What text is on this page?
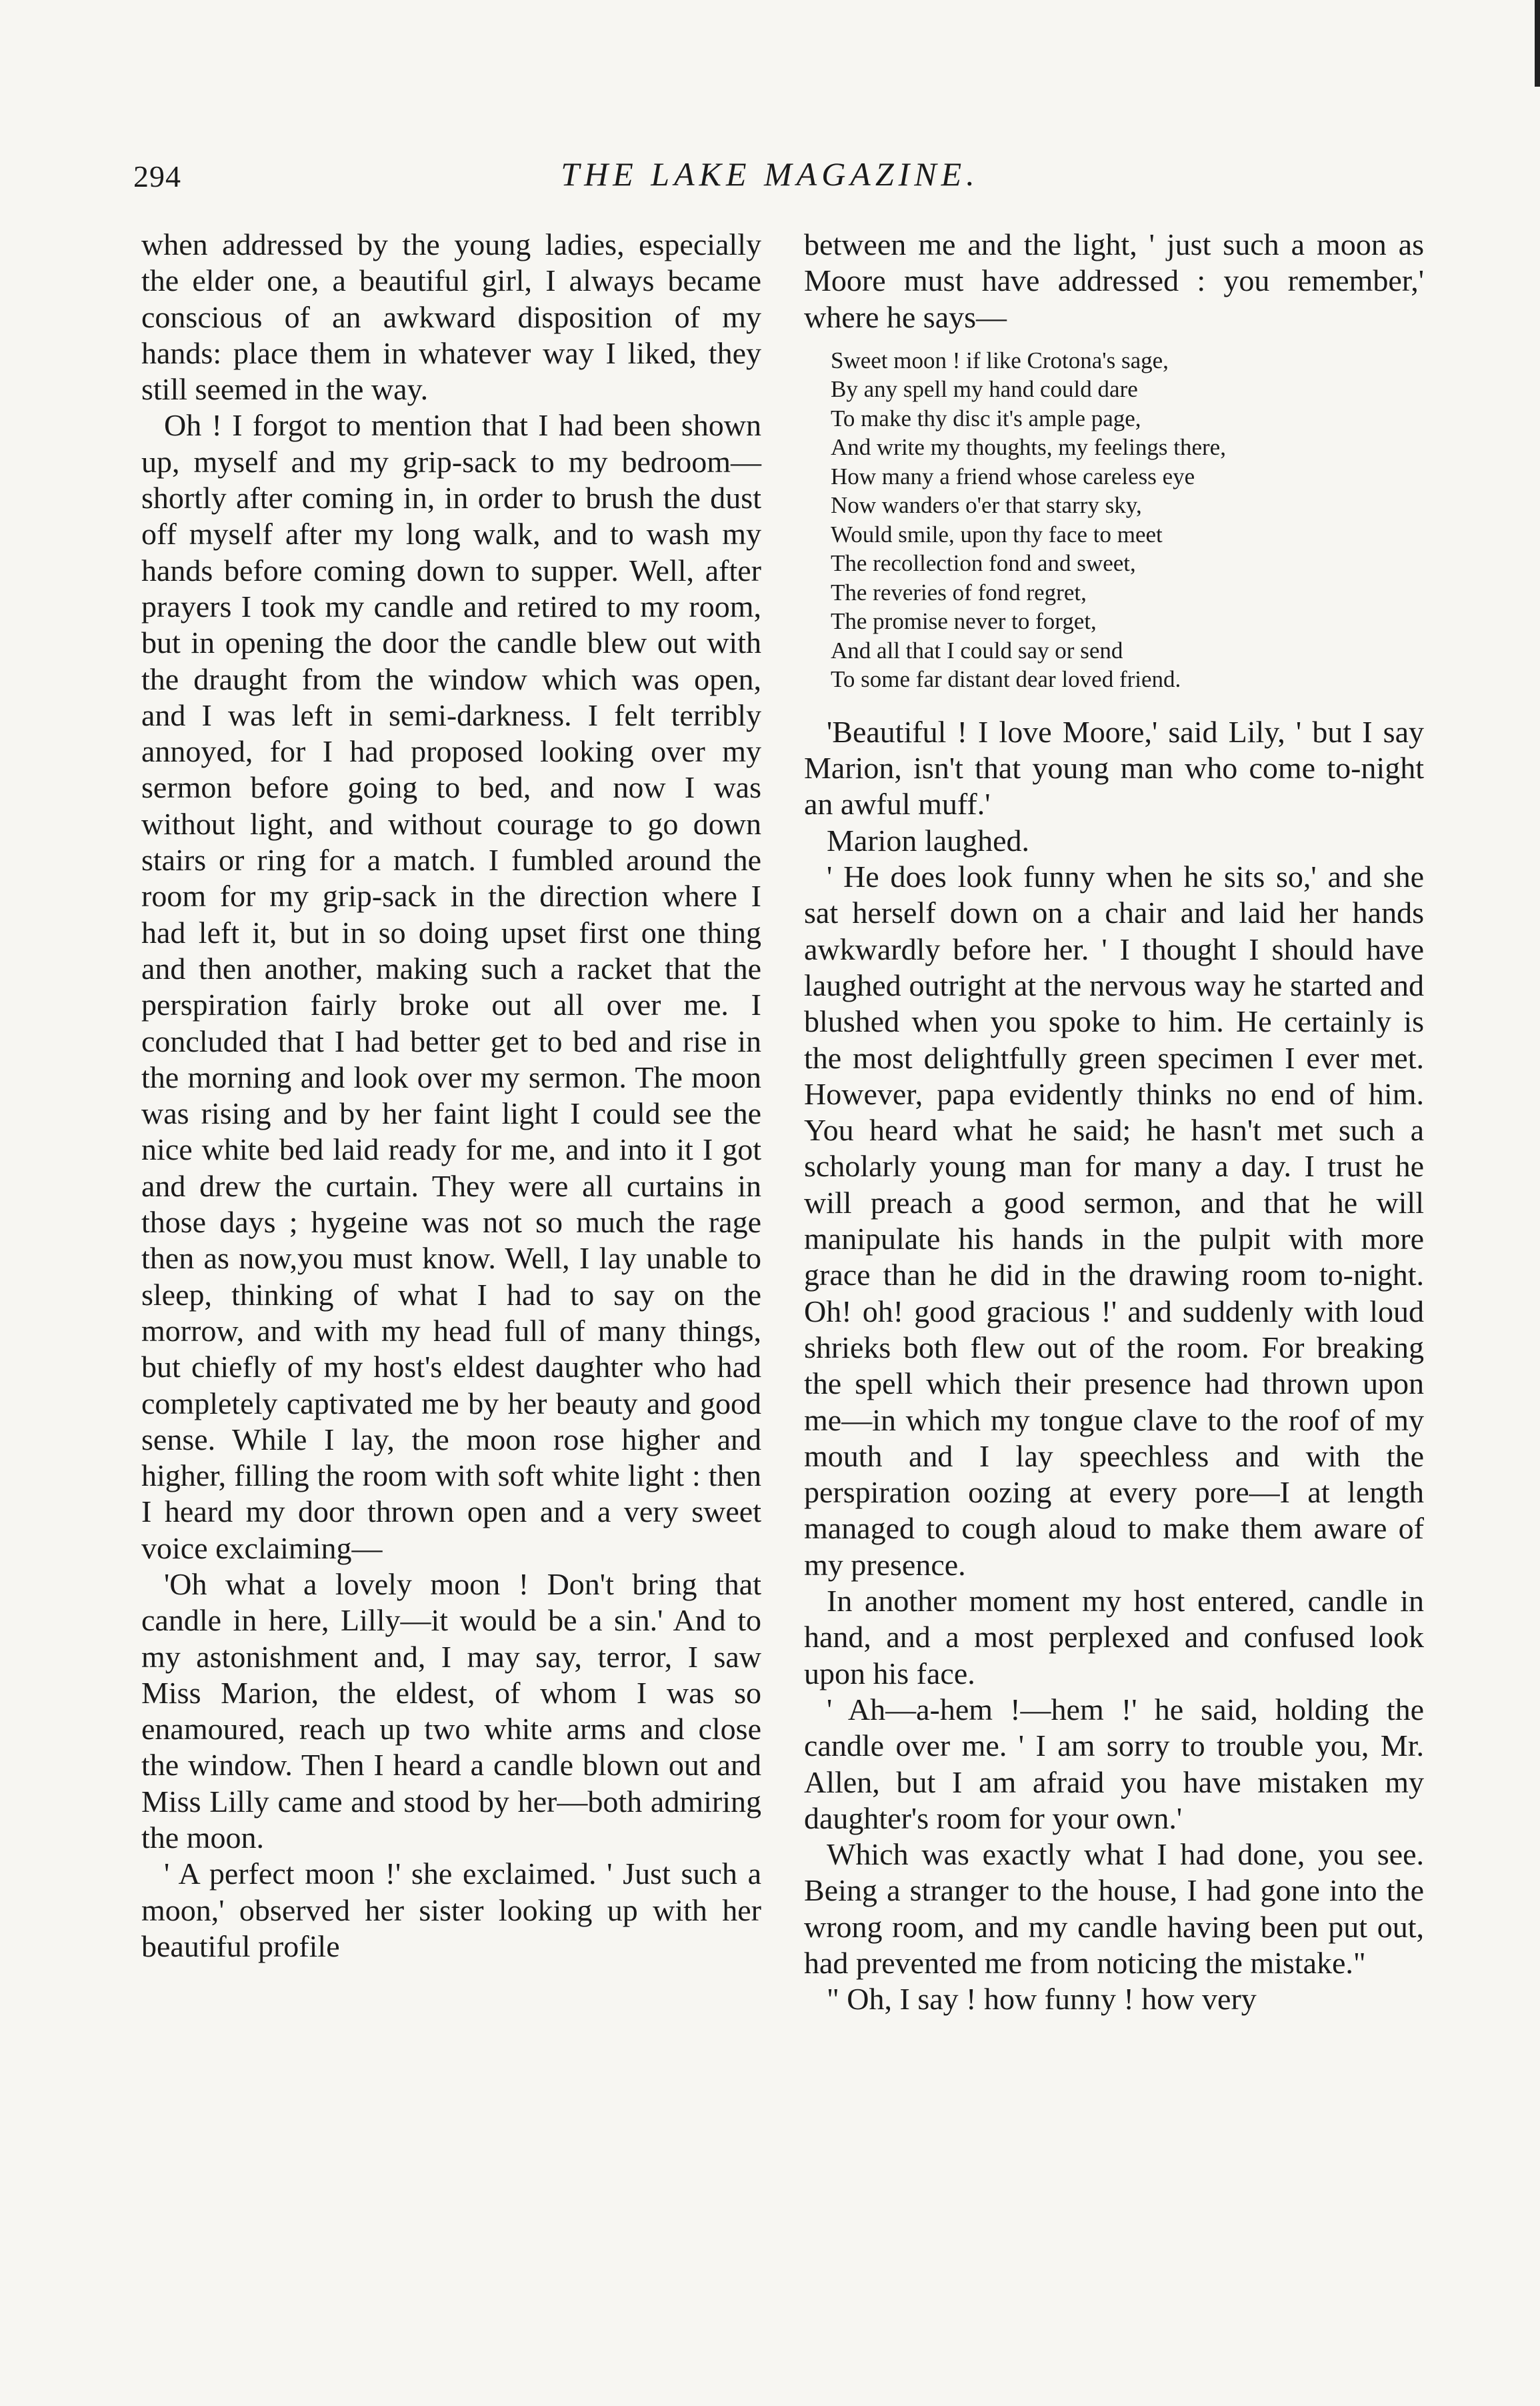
294	THE LAKE MAGAZINE.

when addressed by the young ladies, especially the elder one, a beautiful girl, I always became conscious of an awkward disposition of my hands: place them in whatever way I liked, they still seemed in the way.

Oh ! I forgot to mention that I had been shown up, myself and my grip-sack to my bedroom—shortly after coming in, in order to brush the dust off myself after my long walk, and to wash my hands before coming down to supper. Well, after prayers I took my candle and retired to my room, but in opening the door the candle blew out with the draught from the window which was open, and I was left in semi-darkness. I felt terribly annoyed, for I had proposed looking over my sermon before going to bed, and now I was without light, and without courage to go down stairs or ring for a match. I fumbled around the room for my grip-sack in the direction where I had left it, but in so doing upset first one thing and then another, making such a racket that the perspiration fairly broke out all over me. I concluded that I had better get to bed and rise in the morning and look over my sermon. The moon was rising and by her faint light I could see the nice white bed laid ready for me, and into it I got and drew the curtain. They were all curtains in those days ; hygeine was not so much the rage then as now,you must know. Well, I lay unable to sleep, thinking of what I had to say on the morrow, and with my head full of many things, but chiefly of my host's eldest daughter who had completely captivated me by her beauty and good sense. While I lay, the moon rose higher and higher, filling the room with soft white light : then I heard my door thrown open and a very sweet voice exclaiming—

'Oh what a lovely moon ! Don't bring that candle in here, Lilly—it would be a sin.' And to my astonishment and, I may say, terror, I saw Miss Marion, the eldest, of whom I was so enamoured, reach up two white arms and close the window. Then I heard a candle blown out and Miss Lilly came and stood by her—both admiring the moon.

' A perfect moon !' she exclaimed. ' Just such a moon,' observed her sister looking up with her beautiful profile

between me and the light, ' just such a moon as Moore must have addressed : you remember,' where he says—

Sweet moon ! if like Crotona's sage,
By any spell my hand could dare
To make thy disc it's ample page,
And write my thoughts, my feelings there,
How many a friend whose careless eye
Now wanders o'er that starry sky,
Would smile, upon thy face to meet
The recollection fond and sweet,
The reveries of fond regret,
The promise never to forget,
And all that I could say or send
To some far distant dear loved friend.

'Beautiful ! I love Moore,' said Lily, ' but I say Marion, isn't that young man who come to-night an awful muff.'

Marion laughed.

' He does look funny when he sits so,' and she sat herself down on a chair and laid her hands awkwardly before her. ' I thought I should have laughed outright at the nervous way he started and blushed when you spoke to him. He certainly is the most delightfully green specimen I ever met. However, papa evidently thinks no end of him. You heard what he said; he hasn't met such a scholarly young man for many a day. I trust he will preach a good sermon, and that he will manipulate his hands in the pulpit with more grace than he did in the drawing room to-night. Oh! oh! good gracious !' and suddenly with loud shrieks both flew out of the room. For breaking the spell which their presence had thrown upon me—in which my tongue clave to the roof of my mouth and I lay speechless and with the perspiration oozing at every pore—I at length managed to cough aloud to make them aware of my presence.

In another moment my host entered, candle in hand, and a most perplexed and confused look upon his face.

' Ah—a-hem !—hem !' he said, holding the candle over me. ' I am sorry to trouble you, Mr. Allen, but I am afraid you have mistaken my daughter's room for your own.'

Which was exactly what I had done, you see. Being a stranger to the house, I had gone into the wrong room, and my candle having been put out, had prevented me from noticing the mistake."

" Oh, I say ! how funny ! how very
